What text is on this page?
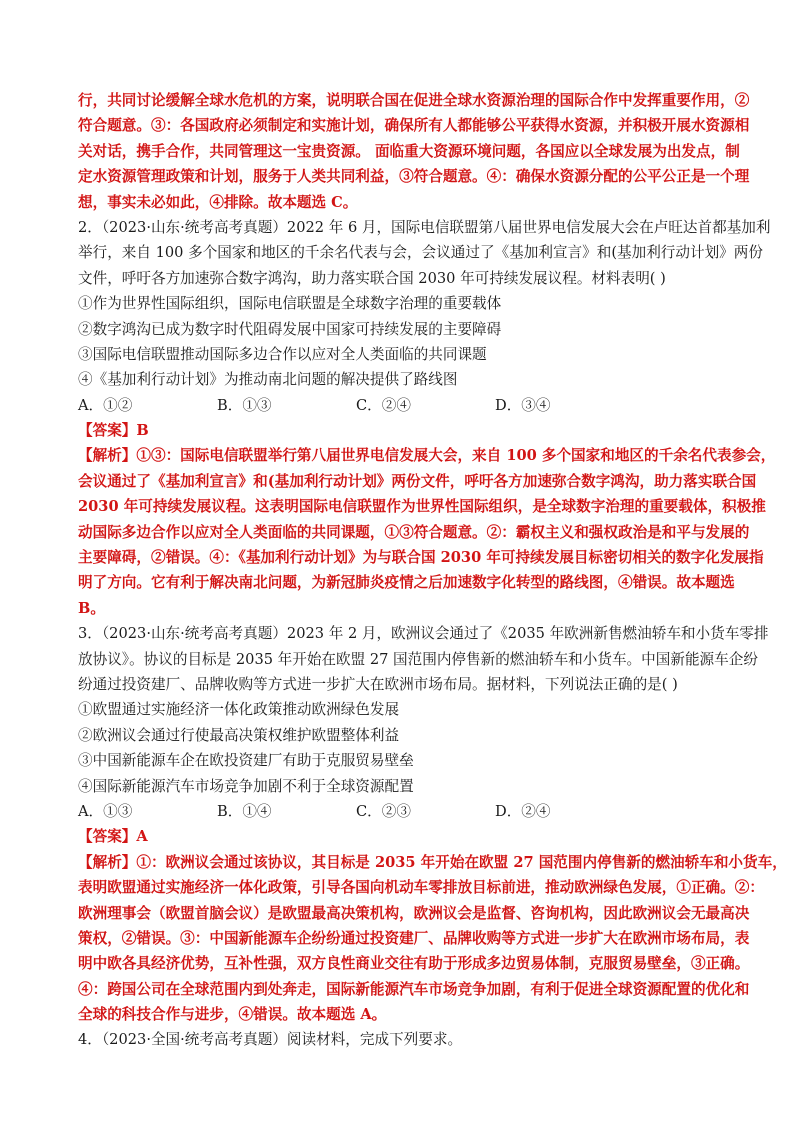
行，共同讨论缓解全球水危机的方案，说明联合国在促进全球水资源治理的国际合作中发挥重要作用，②
符合题意。③：各国政府必须制定和实施计划，确保所有人都能够公平获得水资源，并积极开展水资源相
关对话，携手合作，共同管理这一宝贵资源。 面临重大资源环境问题，各国应以全球发展为出发点，制
定水资源管理政策和计划，服务于人类共同利益，③符合题意。④：确保水资源分配的公平公正是一个理
想，事实未必如此，④排除。故本题选 C。
2．（2023·山东·统考高考真题）2022 年 6 月，国际电信联盟第八届世界电信发展大会在卢旺达首都基加利
举行，来自 100 多个国家和地区的千余名代表与会，会议通过了《基加利宣言》和(基加利行动计划》两份
文件，呼吁各方加速弥合数字鸿沟，助力落实联合国 2030 年可持续发展议程。材料表明( )
①作为世界性国际组织，国际电信联盟是全球数字治理的重要载体
②数字鸿沟已成为数字时代阻碍发展中国家可持续发展的主要障碍
③国际电信联盟推动国际多边合作以应对全人类面临的共同课题
④《基加利行动计划》为推动南北问题的解决提供了路线图
A．①②	B．①③	C．②④	D．③④
【答案】B
【解析】①③：国际电信联盟举行第八届世界电信发展大会，来自 100 多个国家和地区的千余名代表参会，
会议通过了《基加利宣言》和(基加利行动计划》两份文件，呼吁各方加速弥合数字鸿沟，助力落实联合国
2030 年可持续发展议程。这表明国际电信联盟作为世界性国际组织，是全球数字治理的重要载体，积极推
动国际多边合作以应对全人类面临的共同课题，①③符合题意。②：霸权主义和强权政治是和平与发展的
主要障碍，②错误。④：《基加利行动计划》为与联合国 2030 年可持续发展目标密切相关的数字化发展指
明了方向。它有利于解决南北问题，为新冠肺炎疫情之后加速数字化转型的路线图，④错误。故本题选
B。
3．（2023·山东·统考高考真题）2023 年 2 月，欧洲议会通过了《2035 年欧洲新售燃油轿车和小货车零排
放协议》。协议的目标是 2035 年开始在欧盟 27 国范围内停售新的燃油轿车和小货车。中国新能源车企纷
纷通过投资建厂、品牌收购等方式进一步扩大在欧洲市场布局。据材料，下列说法正确的是( )
①欧盟通过实施经济一体化政策推动欧洲绿色发展
②欧洲议会通过行使最高决策权维护欧盟整体利益
③中国新能源车企在欧投资建厂有助于克服贸易壁垒
④国际新能源汽车市场竞争加剧不利于全球资源配置
A．①③	B．①④	C．②③	D．②④
【答案】A
【解析】①：欧洲议会通过该协议，其目标是 2035 年开始在欧盟 27 国范围内停售新的燃油轿车和小货车，
表明欧盟通过实施经济一体化政策，引导各国向机动车零排放目标前进，推动欧洲绿色发展，①正确。②：
欧洲理事会（欧盟首脑会议）是欧盟最高决策机构，欧洲议会是监督、咨询机构，因此欧洲议会无最高决
策权，②错误。③：中国新能源车企纷纷通过投资建厂、品牌收购等方式进一步扩大在欧洲市场布局，表
明中欧各具经济优势，互补性强，双方良性商业交往有助于形成多边贸易体制，克服贸易壁垒，③正确。
④：跨国公司在全球范围内到处奔走，国际新能源汽车市场竞争加剧，有利于促进全球资源配置的优化和
全球的科技合作与进步，④错误。故本题选 A。
4．（2023·全国·统考高考真题）阅读材料，完成下列要求。
